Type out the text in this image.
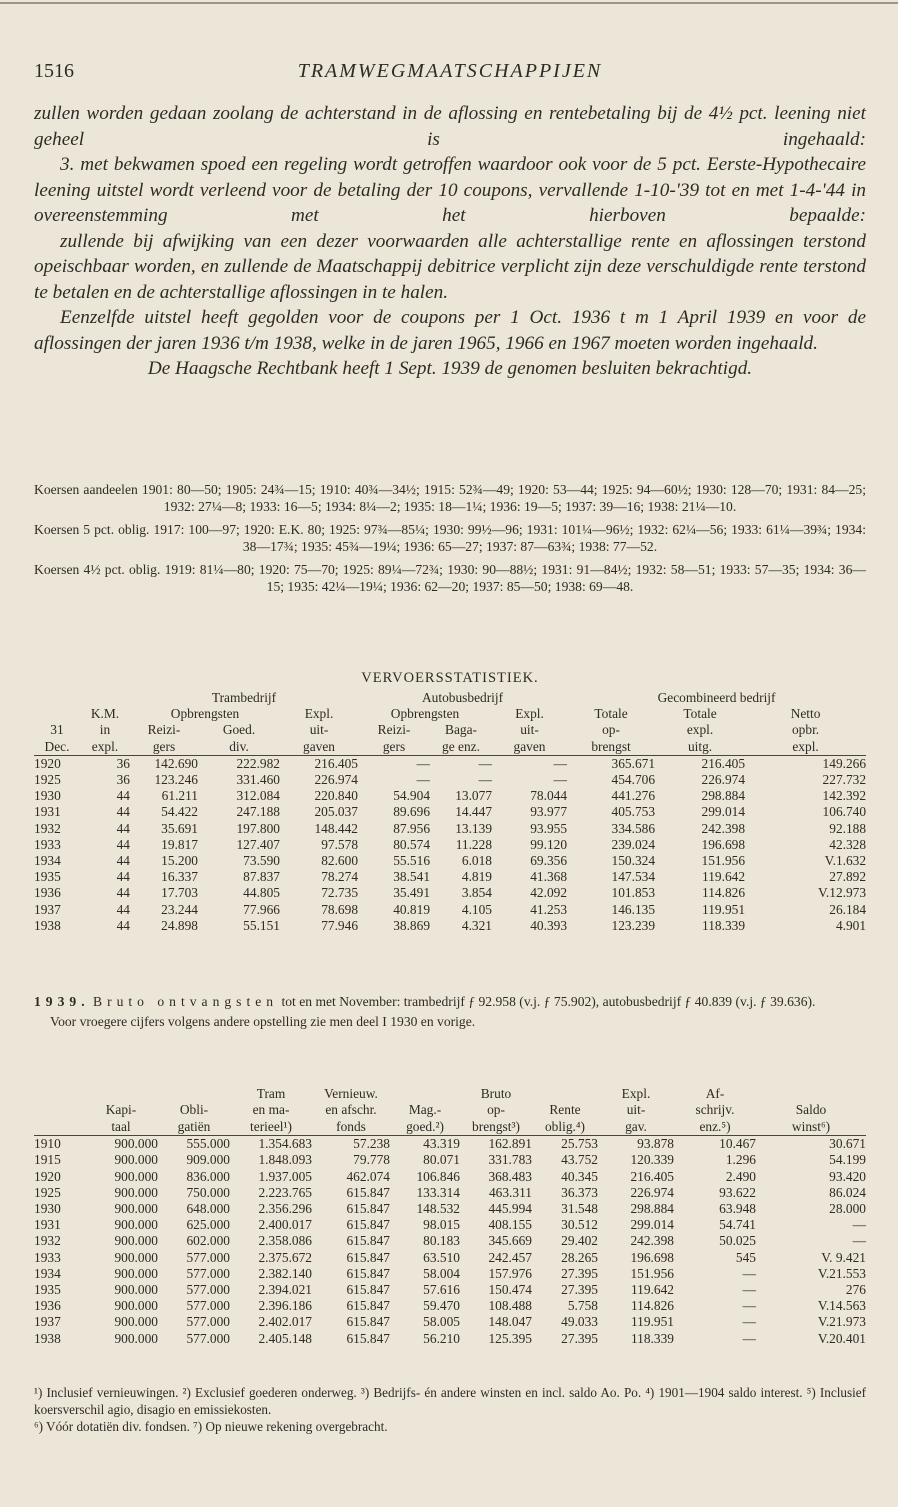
1516	TRAMWEGMAATSCHAPPIJEN

zullen worden gedaan zoolang de achterstand in de aflossing en rentebetaling bij de 4½ pct. leening niet geheel is ingehaald:

3. met bekwamen spoed een regeling wordt getroffen waardoor ook voor de 5 pct. Eerste-Hypothecaire leening uitstel wordt verleend voor de betaling der 10 coupons, vervallende 1-10-'39 tot en met 1-4-'44 in overeenstemming met het hierboven bepaalde:

zullende bij afwijking van een dezer voorwaarden alle achterstallige rente en aflossingen terstond opeischbaar worden, en zullende de Maatschappij debitrice verplicht zijn deze verschuldigde rente terstond te betalen en de achterstallige aflossingen in te halen.

Eenzelfde uitstel heeft gegolden voor de coupons per 1 Oct. 1936 t m 1 April 1939 en voor de aflossingen der jaren 1936 t/m 1938, welke in de jaren 1965, 1966 en 1967 moeten worden ingehaald.

De Haagsche Rechtbank heeft 1 Sept. 1939 de genomen besluiten bekrachtigd.

Koersen aandeelen 1901: 80—50; 1905: 24¾—15; 1910: 40¾—34½; 1915: 52¾—49; 1920: 53—44; 1925: 94—60½; 1930: 128—70; 1931: 84—25; 1932: 27¼—8; 1933: 16—5; 1934: 8¼—2; 1935: 18—1¼; 1936: 19—5; 1937: 39—16; 1938: 21¼—10.

Koersen 5 pct. oblig. 1917: 100—97; 1920: E.K. 80; 1925: 97¾—85¼; 1930: 99½—96; 1931: 101¼—96½; 1932: 62¼—56; 1933: 61¼—39¾; 1934: 38—17¾; 1935: 45¾—19¼; 1936: 65—27; 1937: 87—63¾; 1938: 77—52.

Koersen 4½ pct. oblig. 1919: 81¼—80; 1920: 75—70; 1925: 89¼—72¾; 1930: 90—88½; 1931: 91—84½; 1932: 58—51; 1933: 57—35; 1934: 36—15; 1935: 42¼—19¼; 1936: 62—20; 1937: 85—50; 1938: 69—48.

VERVOERSSTATISTIEK.
		Trambedrijf			Autobusbedrijf			Gecombineerd bedrijf		
	K.M.	Opbrengsten		Expl.	Opbrengsten		Expl.	Totale	Totale	Netto
31	in	Reizi-	Goed.	uit-	Reizi-	Baga-	uit-	op-	expl.	opbr.
Dec.	expl.	gers	div.	gaven	gers	ge enz.	gaven	brengst	uitg.	expl.
1920	36	142.690	222.982	216.405	—	—	—	365.671	216.405	149.266
1925	36	123.246	331.460	226.974	—	—	—	454.706	226.974	227.732
1930	44	61.211	312.084	220.840	54.904	13.077	78.044	441.276	298.884	142.392
1931	44	54.422	247.188	205.037	89.696	14.447	93.977	405.753	299.014	106.740
1932	44	35.691	197.800	148.442	87.956	13.139	93.955	334.586	242.398	92.188
1933	44	19.817	127.407	97.578	80.574	11.228	99.120	239.024	196.698	42.328
1934	44	15.200	73.590	82.600	55.516	6.018	69.356	150.324	151.956	V.1.632
1935	44	16.337	87.837	78.274	38.541	4.819	41.368	147.534	119.642	27.892
1936	44	17.703	44.805	72.735	35.491	3.854	42.092	101.853	114.826	V.12.973
1937	44	23.244	77.966	78.698	40.819	4.105	41.253	146.135	119.951	26.184
1938	44	24.898	55.151	77.946	38.869	4.321	40.393	123.239	118.339	4.901

1939. Bruto ontvangsten tot en met November: trambedrijf ƒ 92.958 (v.j. ƒ 75.902), autobusbedrijf ƒ 40.839 (v.j. ƒ 39.636).

Voor vroegere cijfers volgens andere opstelling zie men deel I 1930 en vorige.

			Tram	Vernieuw.		Bruto		Expl.	Af-	
	Kapi-	Obli-	en ma-	en afschr.	Mag.-	op-	Rente	uit-	schrijv.	Saldo
	taal	gatiën	terieel¹)	fonds	goed.²)	brengst³)	oblig.⁴)	gav.	enz.⁵)	winst⁶)
1910	900.000	555.000	1.354.683	57.238	43.319	162.891	25.753	93.878	10.467	30.671
1915	900.000	909.000	1.848.093	79.778	80.071	331.783	43.752	120.339	1.296	54.199
1920	900.000	836.000	1.937.005	462.074	106.846	368.483	40.345	216.405	2.490	93.420
1925	900.000	750.000	2.223.765	615.847	133.314	463.311	36.373	226.974	93.622	86.024
1930	900.000	648.000	2.356.296	615.847	148.532	445.994	31.548	298.884	63.948	28.000
1931	900.000	625.000	2.400.017	615.847	98.015	408.155	30.512	299.014	54.741	—
1932	900.000	602.000	2.358.086	615.847	80.183	345.669	29.402	242.398	50.025	—
1933	900.000	577.000	2.375.672	615.847	63.510	242.457	28.265	196.698	545	V. 9.421
1934	900.000	577.000	2.382.140	615.847	58.004	157.976	27.395	151.956	—	V.21.553
1935	900.000	577.000	2.394.021	615.847	57.616	150.474	27.395	119.642	—	276
1936	900.000	577.000	2.396.186	615.847	59.470	108.488	5.758	114.826	—	V.14.563
1937	900.000	577.000	2.402.017	615.847	58.005	148.047	49.033	119.951	—	V.21.973
1938	900.000	577.000	2.405.148	615.847	56.210	125.395	27.395	118.339	—	V.20.401

¹) Inclusief vernieuwingen. ²) Exclusief goederen onderweg. ³) Bedrijfs- én andere winsten en incl. saldo Ao. Po. ⁴) 1901—1904 saldo interest. ⁵) Inclusief koersverschil agio, disagio en emissiekosten.

⁶) Vóór dotatiën div. fondsen. ⁷) Op nieuwe rekening overgebracht.
